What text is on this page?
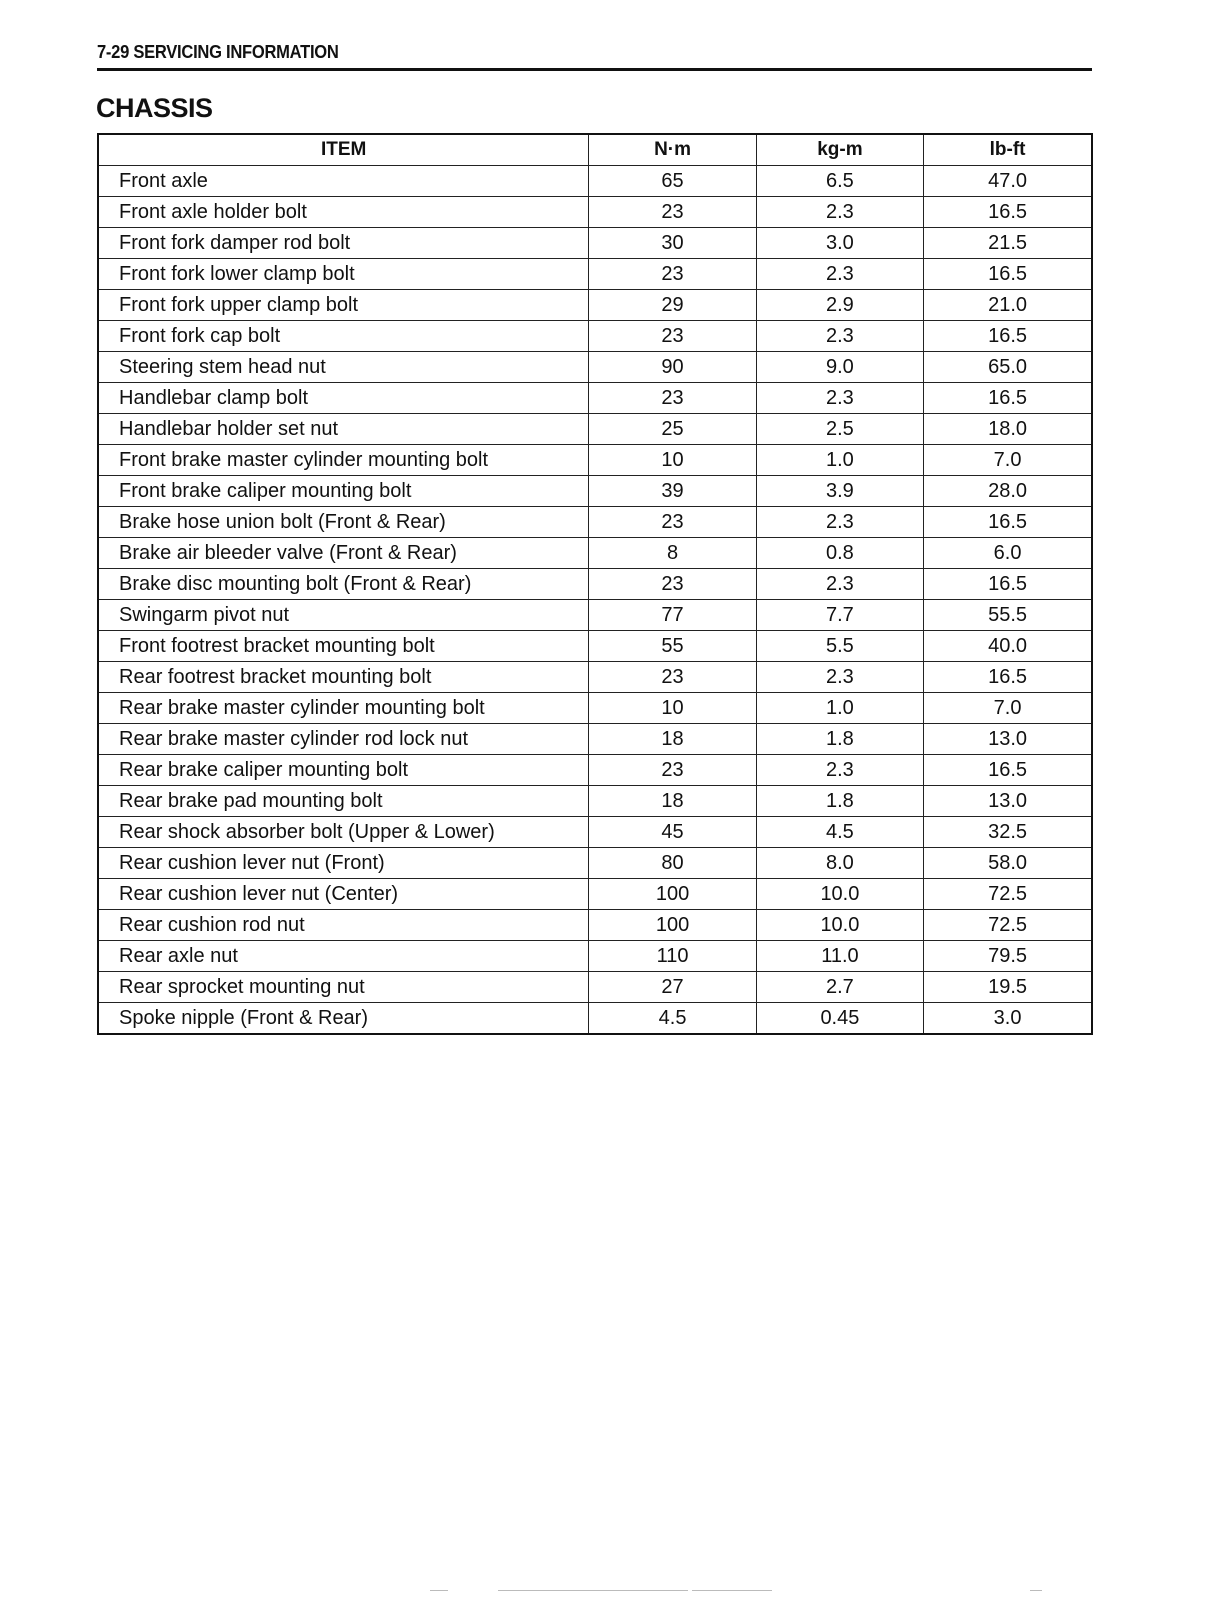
7-29 SERVICING INFORMATION
CHASSIS
ITEM	N·m	kg-m	lb-ft
Front axle	65	6.5	47.0
Front axle holder bolt	23	2.3	16.5
Front fork damper rod bolt	30	3.0	21.5
Front fork lower clamp bolt	23	2.3	16.5
Front fork upper clamp bolt	29	2.9	21.0
Front fork cap bolt	23	2.3	16.5
Steering stem head nut	90	9.0	65.0
Handlebar clamp bolt	23	2.3	16.5
Handlebar holder set nut	25	2.5	18.0
Front brake master cylinder mounting bolt	10	1.0	7.0
Front brake caliper mounting bolt	39	3.9	28.0
Brake hose union bolt (Front & Rear)	23	2.3	16.5
Brake air bleeder valve (Front & Rear)	8	0.8	6.0
Brake disc mounting bolt (Front & Rear)	23	2.3	16.5
Swingarm pivot nut	77	7.7	55.5
Front footrest bracket mounting bolt	55	5.5	40.0
Rear footrest bracket mounting bolt	23	2.3	16.5
Rear brake master cylinder mounting bolt	10	1.0	7.0
Rear brake master cylinder rod lock nut	18	1.8	13.0
Rear brake caliper mounting bolt	23	2.3	16.5
Rear brake pad mounting bolt	18	1.8	13.0
Rear shock absorber bolt (Upper & Lower)	45	4.5	32.5
Rear cushion lever nut (Front)	80	8.0	58.0
Rear cushion lever nut (Center)	100	10.0	72.5
Rear cushion rod nut	100	10.0	72.5
Rear axle nut	110	11.0	79.5
Rear sprocket mounting nut	27	2.7	19.5
Spoke nipple (Front & Rear)	4.5	0.45	3.0
